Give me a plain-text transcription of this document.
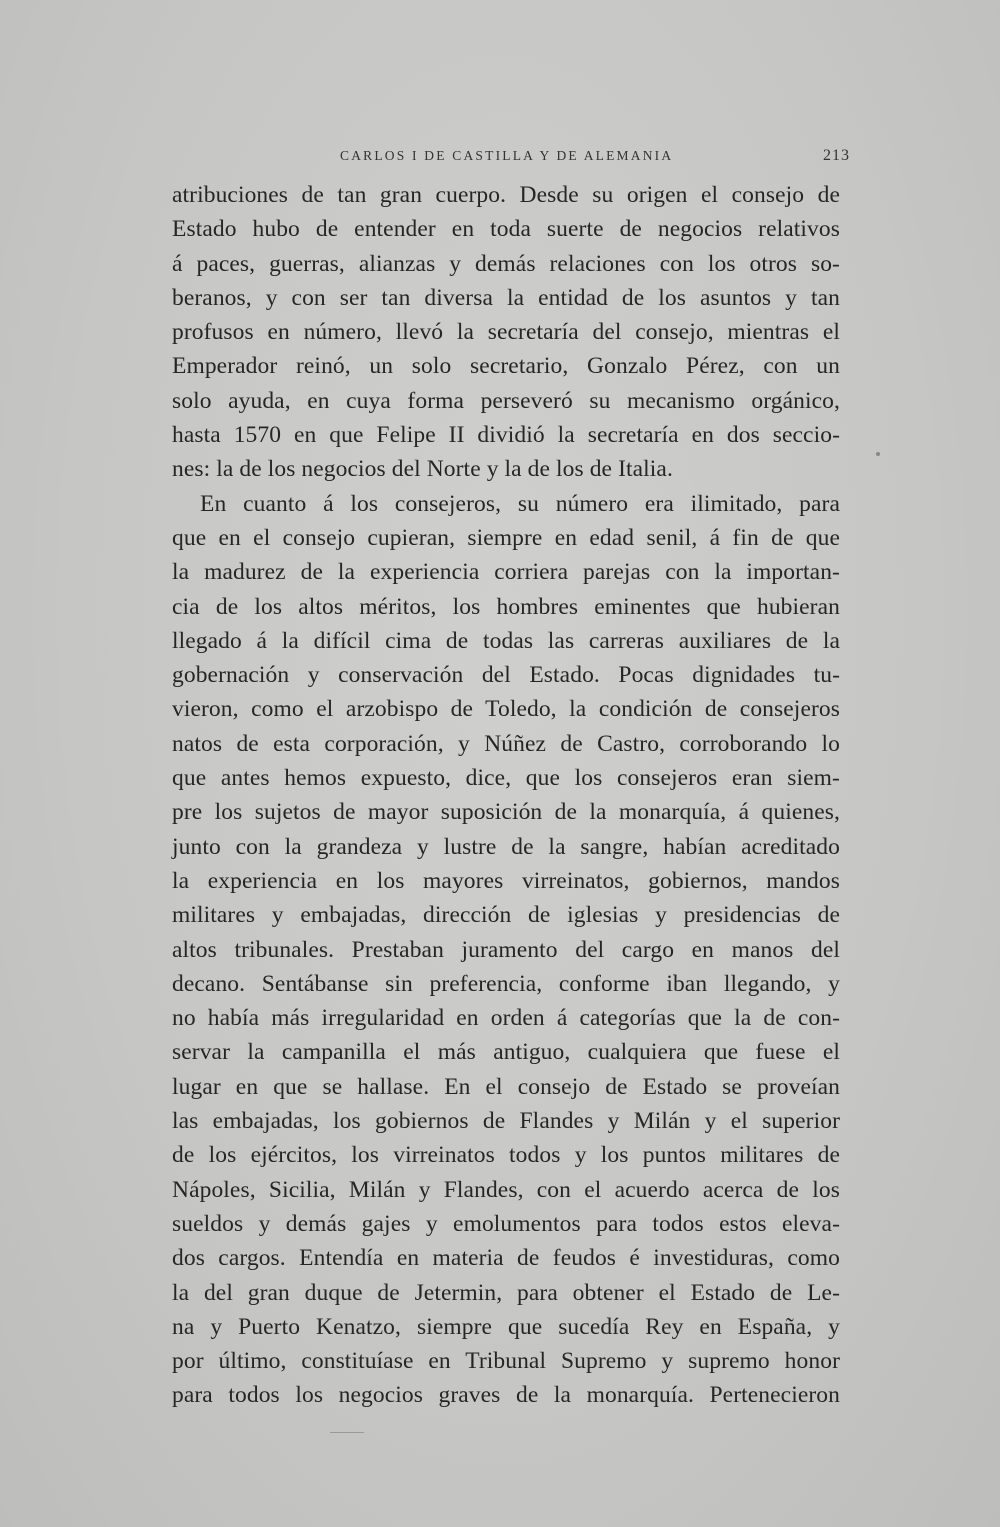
CARLOS I DE CASTILLA Y DE ALEMANIA	213
atribuciones de tan gran cuerpo. Desde su origen el consejo de
Estado hubo de entender en toda suerte de negocios relativos
á paces, guerras, alianzas y demás relaciones con los otros so-
beranos, y con ser tan diversa la entidad de los asuntos y tan
profusos en número, llevó la secretaría del consejo, mientras el
Emperador reinó, un solo secretario, Gonzalo Pérez, con un
solo ayuda, en cuya forma perseveró su mecanismo orgánico,
hasta 1570 en que Felipe II dividió la secretaría en dos seccio-
nes: la de los negocios del Norte y la de los de Italia.
En cuanto á los consejeros, su número era ilimitado, para
que en el consejo cupieran, siempre en edad senil, á fin de que
la madurez de la experiencia corriera parejas con la importan-
cia de los altos méritos, los hombres eminentes que hubieran
llegado á la difícil cima de todas las carreras auxiliares de la
gobernación y conservación del Estado. Pocas dignidades tu-
vieron, como el arzobispo de Toledo, la condición de consejeros
natos de esta corporación, y Núñez de Castro, corroborando lo
que antes hemos expuesto, dice, que los consejeros eran siem-
pre los sujetos de mayor suposición de la monarquía, á quienes,
junto con la grandeza y lustre de la sangre, habían acreditado
la experiencia en los mayores virreinatos, gobiernos, mandos
militares y embajadas, dirección de iglesias y presidencias de
altos tribunales. Prestaban juramento del cargo en manos del
decano. Sentábanse sin preferencia, conforme iban llegando, y
no había más irregularidad en orden á categorías que la de con-
servar la campanilla el más antiguo, cualquiera que fuese el
lugar en que se hallase. En el consejo de Estado se proveían
las embajadas, los gobiernos de Flandes y Milán y el superior
de los ejércitos, los virreinatos todos y los puntos militares de
Nápoles, Sicilia, Milán y Flandes, con el acuerdo acerca de los
sueldos y demás gajes y emolumentos para todos estos eleva-
dos cargos. Entendía en materia de feudos é investiduras, como
la del gran duque de Jetermin, para obtener el Estado de Le-
na y Puerto Kenatzo, siempre que sucedía Rey en España, y
por último, constituíase en Tribunal Supremo y supremo honor
para todos los negocios graves de la monarquía. Pertenecieron
